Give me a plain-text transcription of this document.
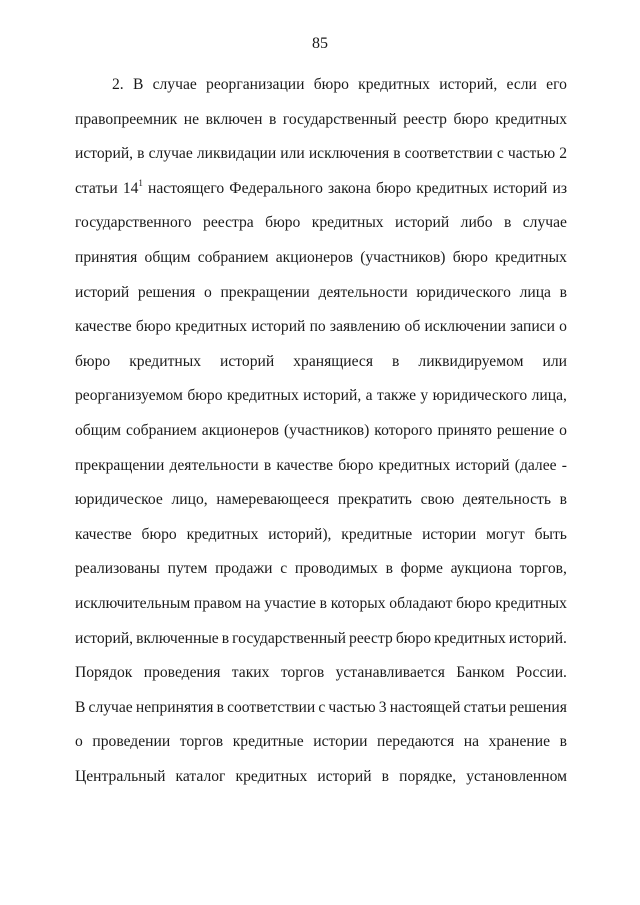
85
2. В случае реорганизации бюро кредитных историй, если его
правопреемник не включен в государственный реестр бюро кредитных
историй, в случае ликвидации или исключения в соответствии с частью 2
статьи $14^1$ настоящего Федерального закона бюро кредитных историй из
государственного реестра бюро кредитных историй либо в случае
принятия общим собранием акционеров (участников) бюро кредитных
историй решения о прекращении деятельности юридического лица в
качестве бюро кредитных историй по заявлению об исключении записи о
бюро кредитных историй хранящиеся в ликвидируемом или
реорганизуемом бюро кредитных историй, а также у юридического лица,
общим собранием акционеров (участников) которого принято решение о
прекращении деятельности в качестве бюро кредитных историй (далее -
юридическое лицо, намеревающееся прекратить свою деятельность в
качестве бюро кредитных историй), кредитные истории могут быть
реализованы путем продажи с проводимых в форме аукциона торгов,
исключительным правом на участие в которых обладают бюро кредитных
историй, включенные в государственный реестр бюро кредитных историй.
Порядок проведения таких торгов устанавливается Банком России.
В случае непринятия в соответствии с частью 3 настоящей статьи решения
о проведении торгов кредитные истории передаются на хранение в
Центральный каталог кредитных историй в порядке, установленном
